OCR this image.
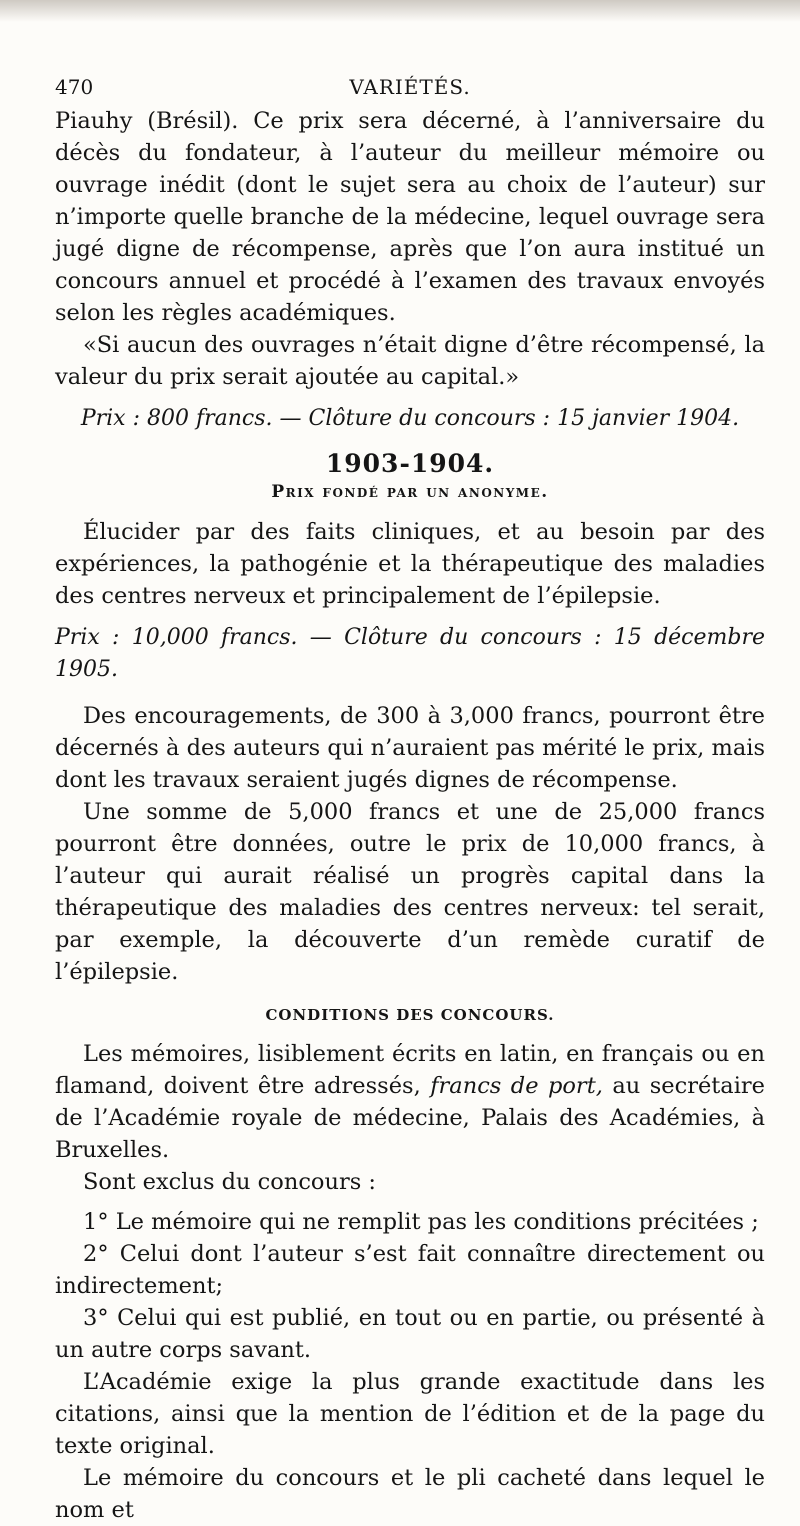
470	VARIÉTÉS.

Piauhy (Brésil). Ce prix sera décerné, à l’anniversaire du décès du fondateur, à l’auteur du meilleur mémoire ou ouvrage inédit (dont le sujet sera au choix de l’auteur) sur n’importe quelle branche de la médecine, lequel ouvrage sera jugé digne de récompense, après que l’on aura institué un concours annuel et procédé à l’examen des travaux envoyés selon les règles académiques.

«Si aucun des ouvrages n’était digne d’être récompensé, la valeur du prix serait ajoutée au capital.»

Prix : 800 francs. — Clôture du concours : 15 janvier 1904.
1903-1904.
Prix fondé par un anonyme.

Élucider par des faits cliniques, et au besoin par des expériences, la pathogénie et la thérapeutique des maladies des centres nerveux et principalement de l’épilepsie.

Prix : 10,000 francs. — Clôture du concours : 15 décembre 1905.

Des encouragements, de 300 à 3,000 francs, pourront être décernés à des auteurs qui n’auraient pas mérité le prix, mais dont les travaux seraient jugés dignes de récompense.

Une somme de 5,000 francs et une de 25,000 francs pourront être données, outre le prix de 10,000 francs, à l’auteur qui aurait réalisé un progrès capital dans la thérapeutique des maladies des centres nerveux: tel serait, par exemple, la découverte d’un remède curatif de l’épilepsie.

CONDITIONS DES CONCOURS.

Les mémoires, lisiblement écrits en latin, en français ou en flamand, doivent être adressés, francs de port, au secrétaire de l’Académie royale de médecine, Palais des Académies, à Bruxelles.

Sont exclus du concours :

1° Le mémoire qui ne remplit pas les conditions précitées ;

2° Celui dont l’auteur s’est fait connaître directement ou indirectement;

3° Celui qui est publié, en tout ou en partie, ou présenté à un autre corps savant.

L’Académie exige la plus grande exactitude dans les citations, ainsi que la mention de l’édition et de la page du texte original.

Le mémoire du concours et le pli cacheté dans lequel le nom et
